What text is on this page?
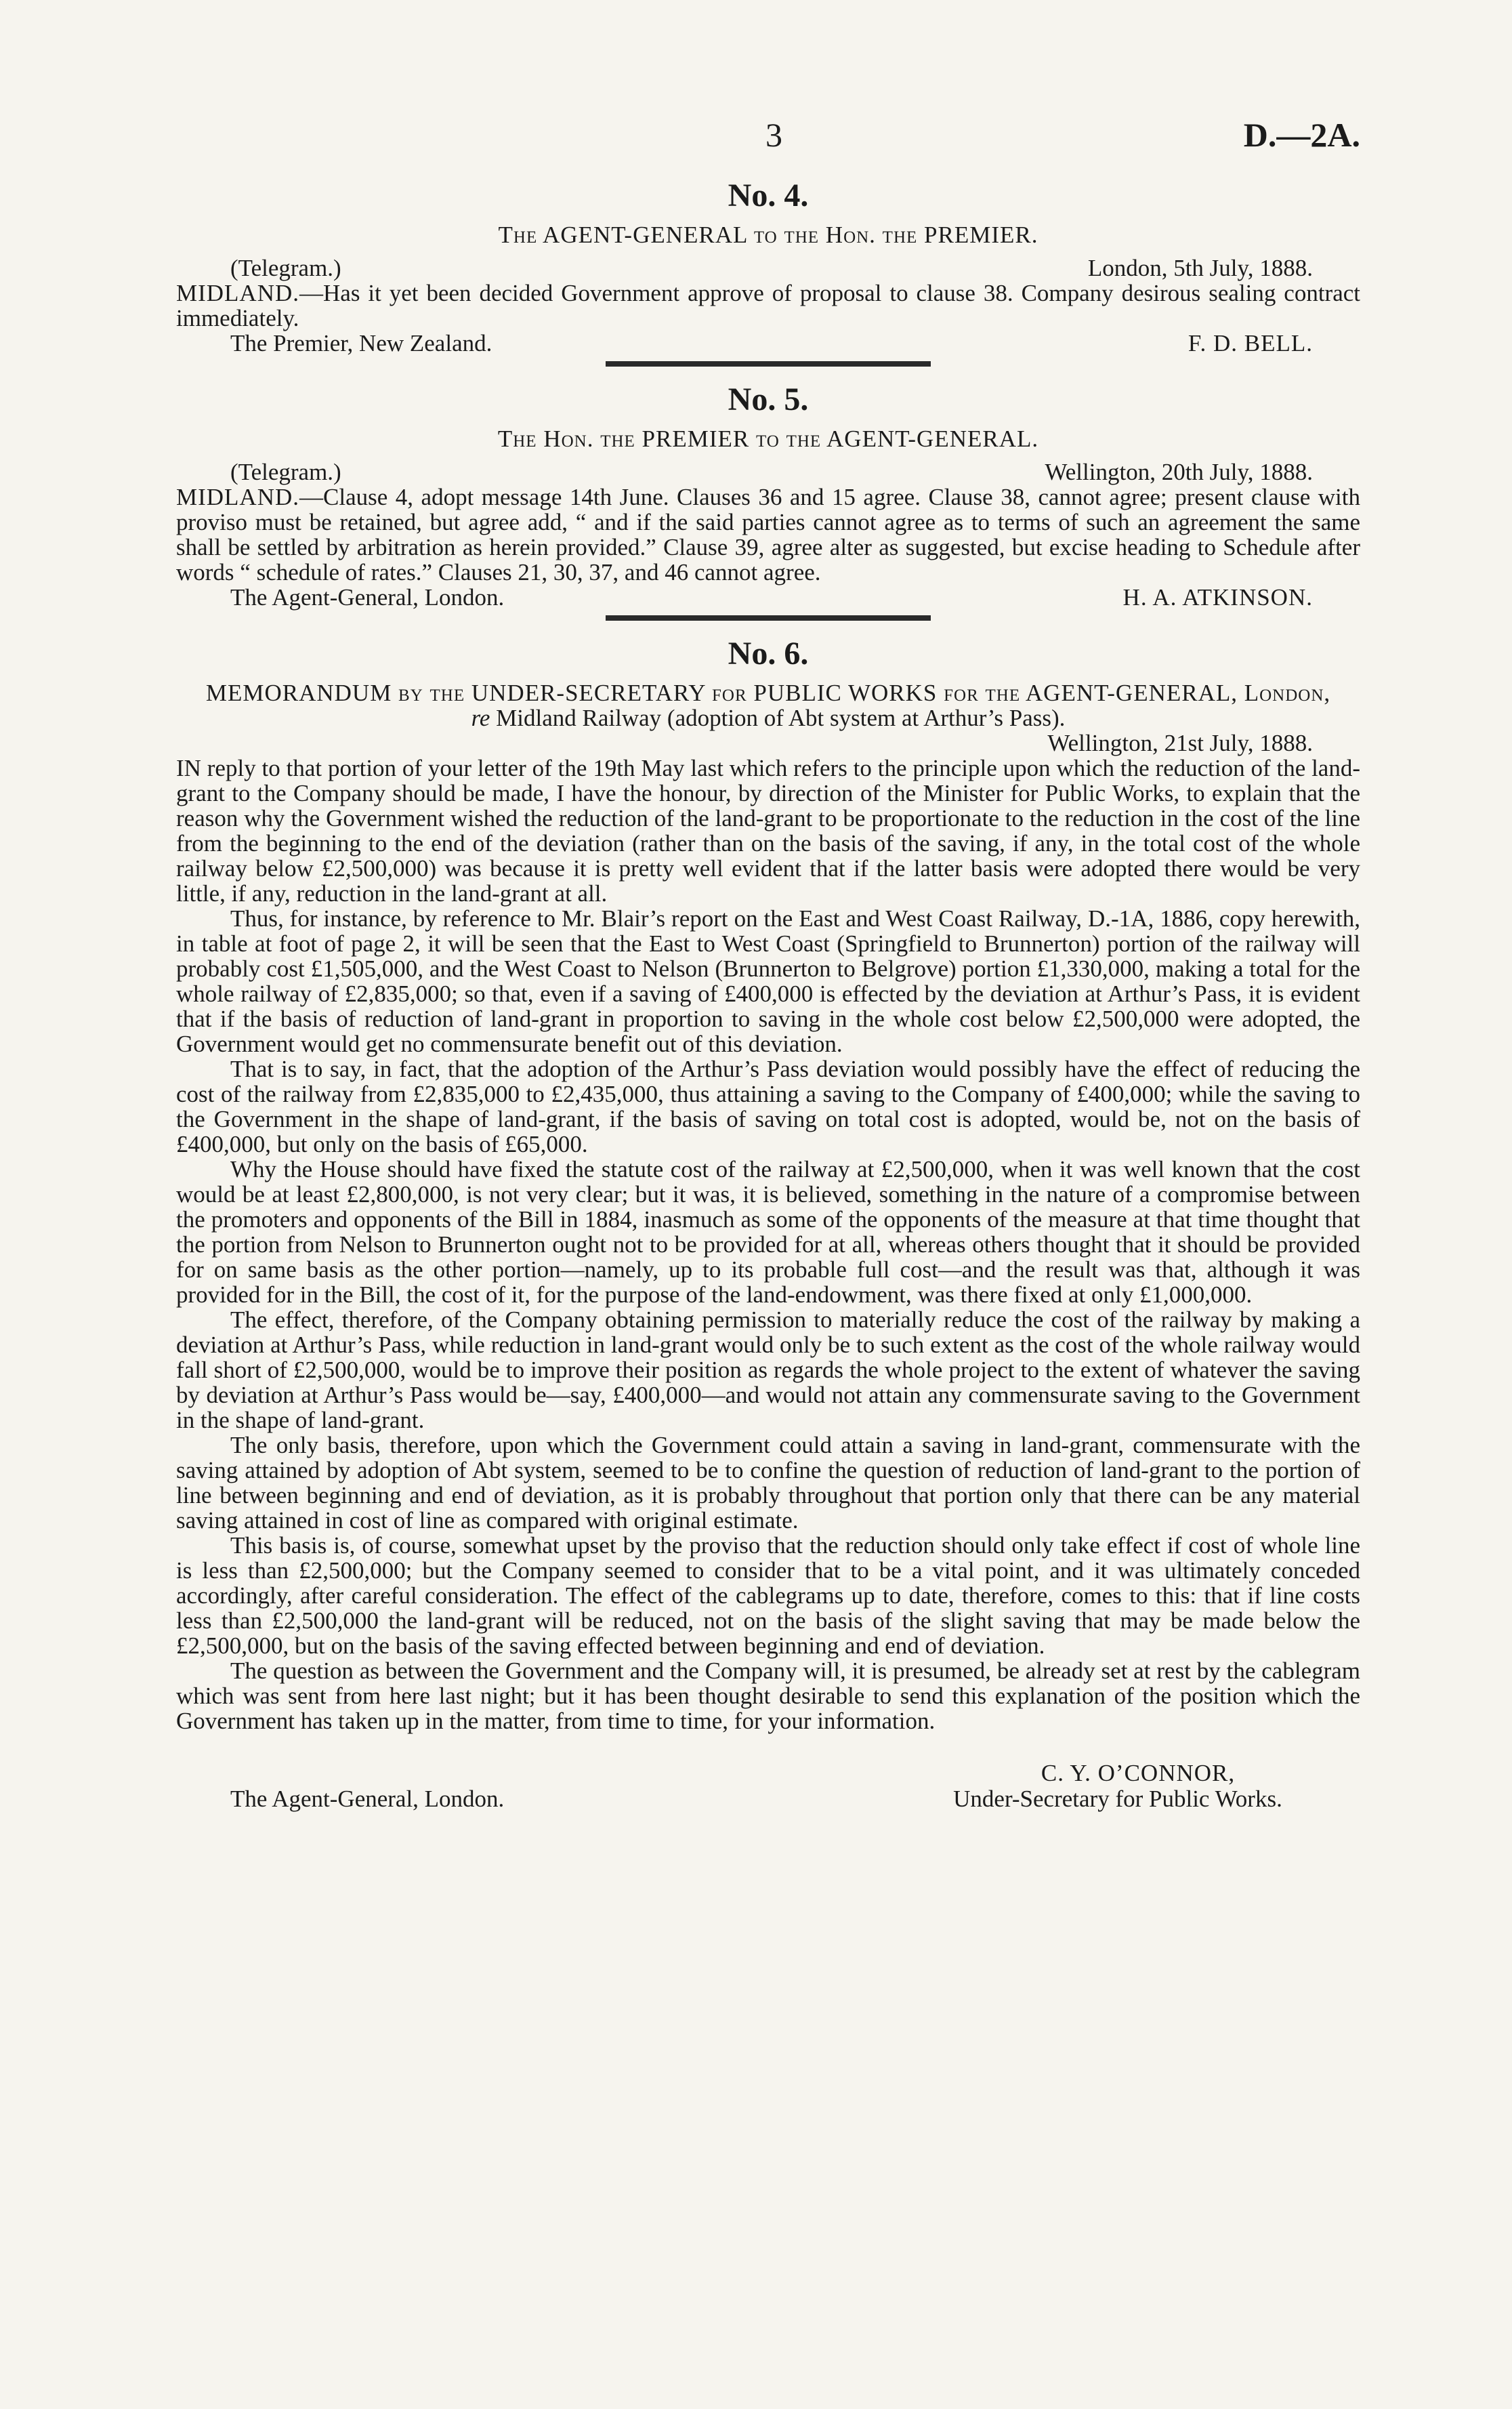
3	D.—2A.
No. 4.
The AGENT-GENERAL to the Hon. the PREMIER.
(Telegram.)	London, 5th July, 1888.

MIDLAND.—Has it yet been decided Government approve of proposal to clause 38. Company desirous sealing contract immediately.

The Premier, New Zealand.	F. D. BELL.
No. 5.
The Hon. the PREMIER to the AGENT-GENERAL.
(Telegram.)	Wellington, 20th July, 1888.

MIDLAND.—Clause 4, adopt message 14th June. Clauses 36 and 15 agree. Clause 38, cannot agree; present clause with proviso must be retained, but agree add, “ and if the said parties cannot agree as to terms of such an agreement the same shall be settled by arbitration as herein provided.” Clause 39, agree alter as suggested, but excise heading to Schedule after words “ schedule of rates.” Clauses 21, 30, 37, and 46 cannot agree.

The Agent-General, London.	H. A. ATKINSON.
No. 6.
MEMORANDUM by the UNDER-SECRETARY for PUBLIC WORKS for the AGENT-GENERAL, London,
re Midland Railway (adoption of Abt system at Arthur’s Pass).
Wellington, 21st July, 1888.

IN reply to that portion of your letter of the 19th May last which refers to the principle upon which the reduction of the land-grant to the Company should be made, I have the honour, by direction of the Minister for Public Works, to explain that the reason why the Government wished the reduction of the land-grant to be proportionate to the reduction in the cost of the line from the beginning to the end of the deviation (rather than on the basis of the saving, if any, in the total cost of the whole railway below £2,500,000) was because it is pretty well evident that if the latter basis were adopted there would be very little, if any, reduction in the land-grant at all.

Thus, for instance, by reference to Mr. Blair’s report on the East and West Coast Railway, D.-1A, 1886, copy herewith, in table at foot of page 2, it will be seen that the East to West Coast (Springfield to Brunnerton) portion of the railway will probably cost £1,505,000, and the West Coast to Nelson (Brunnerton to Belgrove) portion £1,330,000, making a total for the whole railway of £2,835,000; so that, even if a saving of £400,000 is effected by the deviation at Arthur’s Pass, it is evident that if the basis of reduction of land-grant in proportion to saving in the whole cost below £2,500,000 were adopted, the Government would get no commensurate benefit out of this deviation.

That is to say, in fact, that the adoption of the Arthur’s Pass deviation would possibly have the effect of reducing the cost of the railway from £2,835,000 to £2,435,000, thus attaining a saving to the Company of £400,000; while the saving to the Government in the shape of land-grant, if the basis of saving on total cost is adopted, would be, not on the basis of £400,000, but only on the basis of £65,000.

Why the House should have fixed the statute cost of the railway at £2,500,000, when it was well known that the cost would be at least £2,800,000, is not very clear; but it was, it is believed, something in the nature of a compromise between the promoters and opponents of the Bill in 1884, inasmuch as some of the opponents of the measure at that time thought that the portion from Nelson to Brunnerton ought not to be provided for at all, whereas others thought that it should be provided for on same basis as the other portion—namely, up to its probable full cost—and the result was that, although it was provided for in the Bill, the cost of it, for the purpose of the land-endowment, was there fixed at only £1,000,000.

The effect, therefore, of the Company obtaining permission to materially reduce the cost of the railway by making a deviation at Arthur’s Pass, while reduction in land-grant would only be to such extent as the cost of the whole railway would fall short of £2,500,000, would be to improve their position as regards the whole project to the extent of whatever the saving by deviation at Arthur’s Pass would be—say, £400,000—and would not attain any commensurate saving to the Government in the shape of land-grant.

The only basis, therefore, upon which the Government could attain a saving in land-grant, commensurate with the saving attained by adoption of Abt system, seemed to be to confine the question of reduction of land-grant to the portion of line between beginning and end of deviation, as it is probably throughout that portion only that there can be any material saving attained in cost of line as compared with original estimate.

This basis is, of course, somewhat upset by the proviso that the reduction should only take effect if cost of whole line is less than £2,500,000; but the Company seemed to consider that to be a vital point, and it was ultimately conceded accordingly, after careful consideration. The effect of the cablegrams up to date, therefore, comes to this: that if line costs less than £2,500,000 the land-grant will be reduced, not on the basis of the slight saving that may be made below the £2,500,000, but on the basis of the saving effected between beginning and end of deviation.

The question as between the Government and the Company will, it is presumed, be already set at rest by the cablegram which was sent from here last night; but it has been thought desirable to send this explanation of the position which the Government has taken up in the matter, from time to time, for your information.

C. Y. O’CONNOR,
Under-Secretary for Public Works.
The Agent-General, London.
